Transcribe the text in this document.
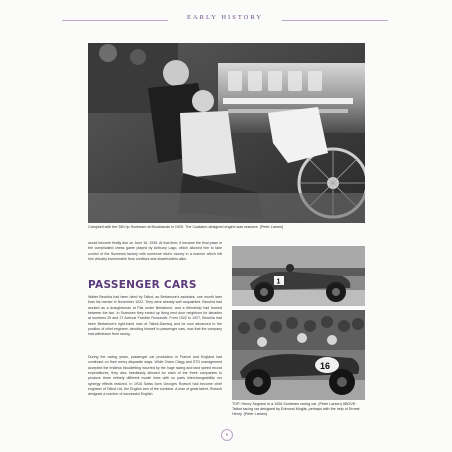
EARLY HISTORY
Campbell with the 350 hp Sunbeam at Brooklands in 1925. The Coatalen-designed engine was massive. (Peter Larsen)
would become finally due on June 16, 1935. At that time, it became the final pawn in the complicated chess game played by Anthony Lago, which allowed him to take control of the Suresnes factory with someone else's money in a manner which left him virtually invulnerable from creditors and shareholders alike.
PASSENGER CARS
Walter Becchia had been hired by Talbot, as Bertarione's assistant, one month later than his mentor in November 1922. They were already well acquainted. Becchia had worked as a draughtsman at Fiat under Bertarione, and a friendship had formed between the two. In Suresnes they ended up living next door neighbors for decades at numbers 25 and 27 Avenue Franklin Roosevelt. From 1922 to 1927, Becchia had been Bertarione's right-hand man at Talbot-Darracq and he now advanced to the position of chief engineer, devoting himself to passenger cars, now that the company had withdrawn from racing.
During the racing years, passenger car production in France and England had continued on their merry disparate ways. While Owen Clegg and STD management accepted the endless bloodletting incurred by the huge racing and land speed record expenditures, they also heedlessly allowed for each of the three companies to produce three entirely different model lines with no parts interchangeability nor synergy effects realized. In 1916 Swiss born Georges Roesch had become chief engineer of Talbot Ltd, the English arm of the combine. A man of great talent, Roesch designed a number of successful English
1
16
TOP: Henry Segrave in a 1926 Sunbeam racing car. (Peter Larsen) ABOVE: Talbot racing car designed by Edmond Moglia, perhaps with the help of Ernest Henry. (Peter Larsen)
6
